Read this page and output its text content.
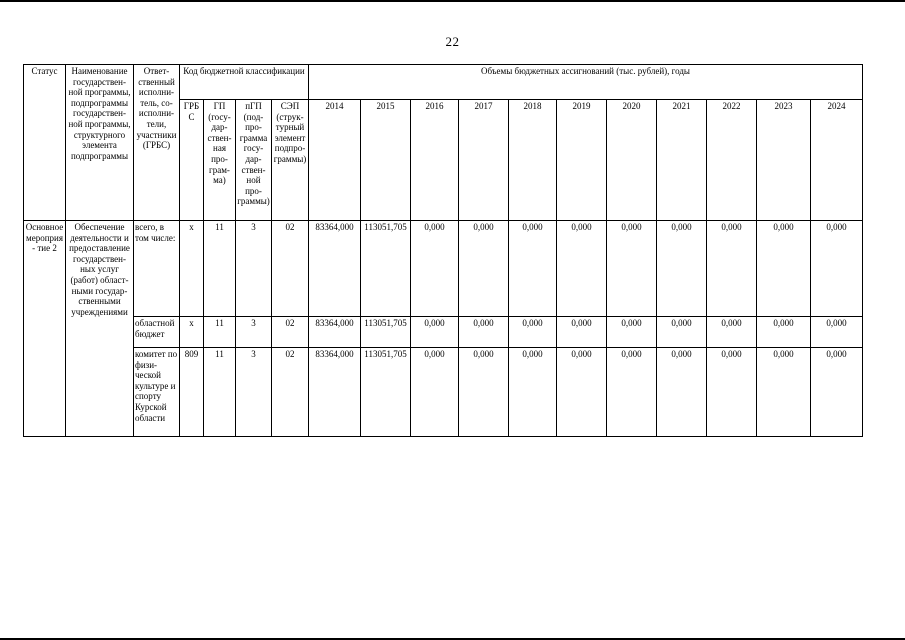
22
Статус	Наименование государствен- ной программы, подпрограммы государствен- ной программы, структурного элемента подпрограммы	Ответ- ственный исполни- тель, со- исполни- тели, участники (ГРБС)	Код бюджетной классификации				Объемы бюджетных ассигнований (тыс. рублей), годы										
			ГРБ С	ГП (госу- дар- ствен- ная про- грам- ма)	пГП (под- про- грамма госу- дар- ствен- ной про- граммы)	СЭП (струк- турный элемент подпро- граммы)	2014	2015	2016	2017	2018	2019	2020	2021	2022	2023	2024
Основное мероприя- тие 2	Обеспечение деятельности и предоставление государствен- ных услуг (работ) област- ными государ- ственными учреждениями	всего, в том числе:	х	11	3	02	83364,000	113051,705	0,000	0,000	0,000	0,000	0,000	0,000	0,000	0,000	0,000
		областной бюджет	х	11	3	02	83364,000	113051,705	0,000	0,000	0,000	0,000	0,000	0,000	0,000	0,000	0,000
		комитет по физи- ческой культуре и спорту Курской области	809	11	3	02	83364,000	113051,705	0,000	0,000	0,000	0,000	0,000	0,000	0,000	0,000	0,000
